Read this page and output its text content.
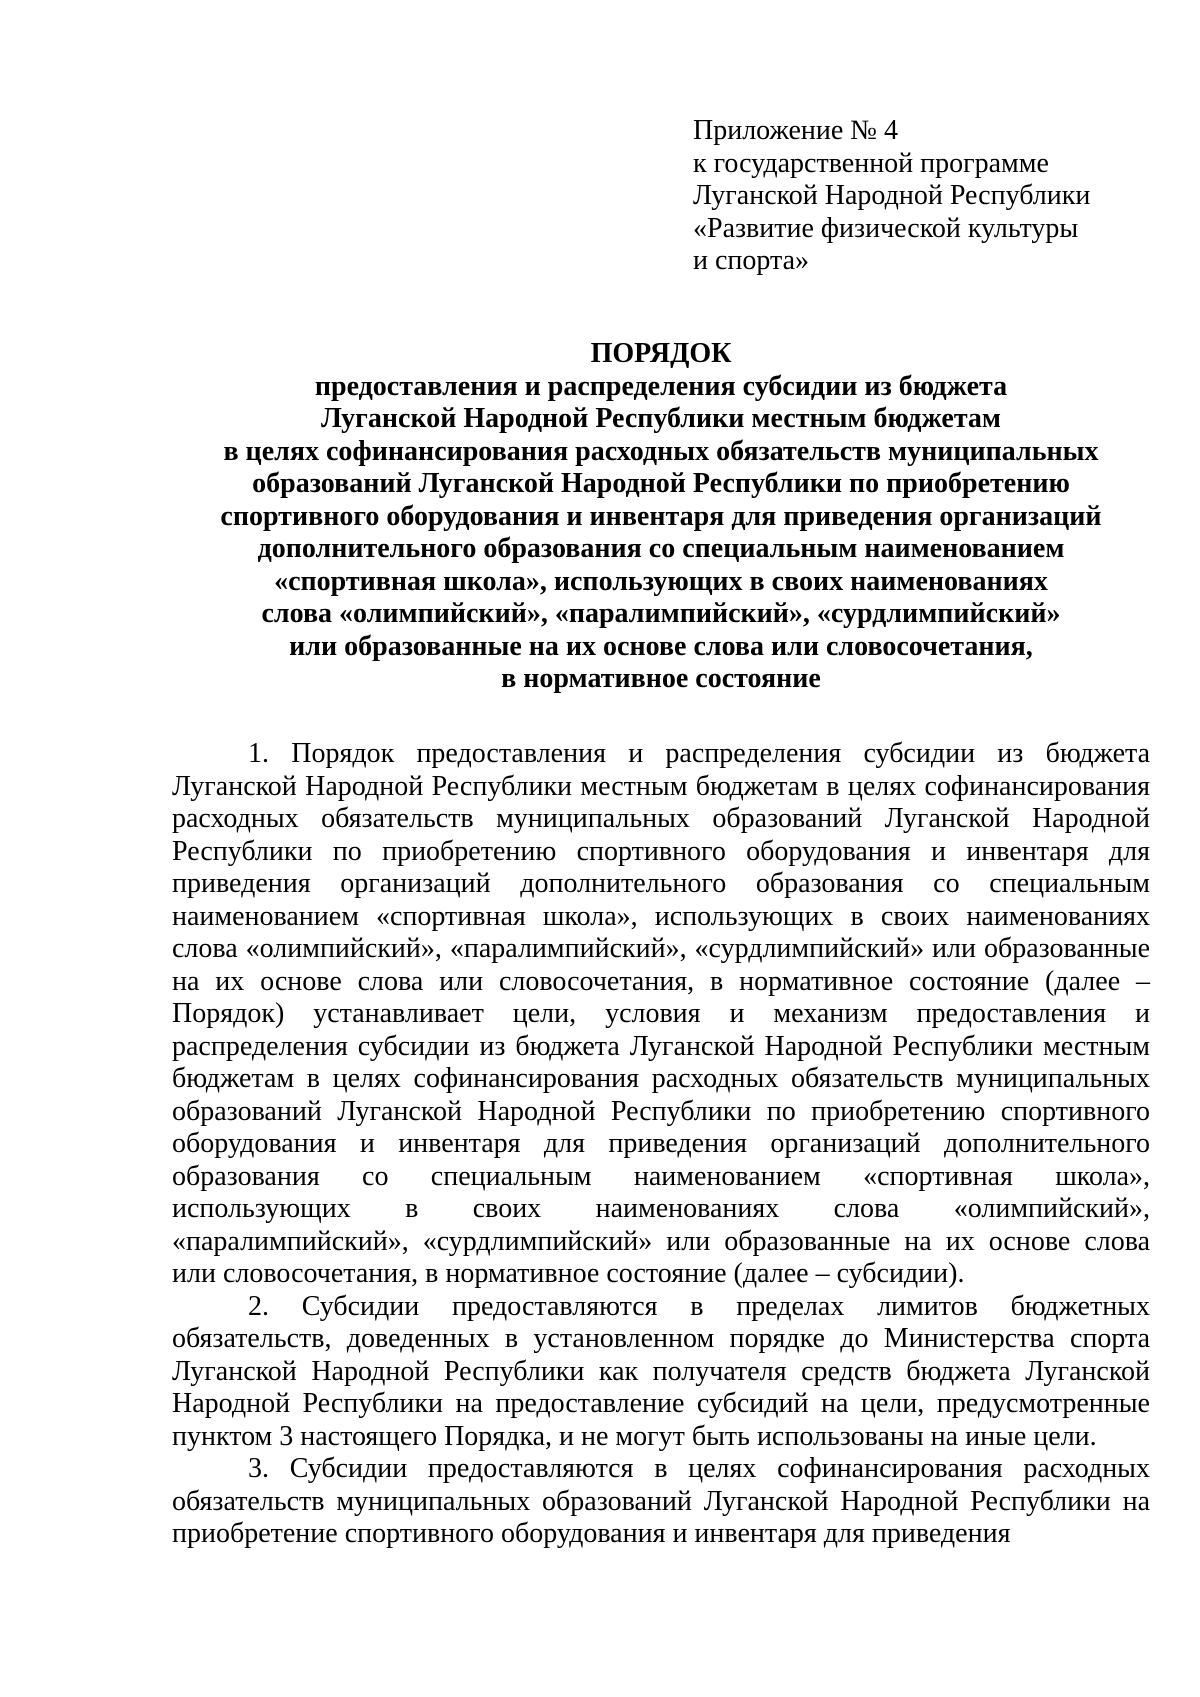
Приложение № 4
к государственной программе
Луганской Народной Республики
«Развитие физической культуры
и спорта»
ПОРЯДОК
предоставления и распределения субсидии из бюджета
Луганской Народной Республики местным бюджетам
в целях софинансирования расходных обязательств муниципальных
образований Луганской Народной Республики по приобретению
спортивного оборудования и инвентаря для приведения организаций
дополнительного образования со специальным наименованием
«спортивная школа», использующих в своих наименованиях
слова «олимпийский», «паралимпийский», «сурдлимпийский»
или образованные на их основе слова или словосочетания,
в нормативное состояние

1. Порядок предоставления и распределения субсидии из бюджета Луганской Народной Республики местным бюджетам в целях софинансирования расходных обязательств муниципальных образований Луганской Народной Республики по приобретению спортивного оборудования и инвентаря для приведения организаций дополнительного образования со специальным наименованием «спортивная школа», использующих в своих наименованиях слова «олимпийский», «паралимпийский», «сурдлимпийский» или образованные на их основе слова или словосочетания, в нормативное состояние (далее – Порядок) устанавливает цели, условия и механизм предоставления и распределения субсидии из бюджета Луганской Народной Республики местным бюджетам в целях софинансирования расходных обязательств муниципальных образований Луганской Народной Республики по приобретению спортивного оборудования и инвентаря для приведения организаций дополнительного образования со специальным наименованием «спортивная школа», использующих в своих наименованиях слова «олимпийский», «паралимпийский», «сурдлимпийский» или образованные на их основе слова или словосочетания, в нормативное состояние (далее – субсидии).

2. Субсидии предоставляются в пределах лимитов бюджетных обязательств, доведенных в установленном порядке до Министерства спорта Луганской Народной Республики как получателя средств бюджета Луганской Народной Республики на предоставление субсидий на цели, предусмотренные пунктом 3 настоящего Порядка, и не могут быть использованы на иные цели.

3. Субсидии предоставляются в целях софинансирования расходных обязательств муниципальных образований Луганской Народной Республики на приобретение спортивного оборудования и инвентаря для приведения
